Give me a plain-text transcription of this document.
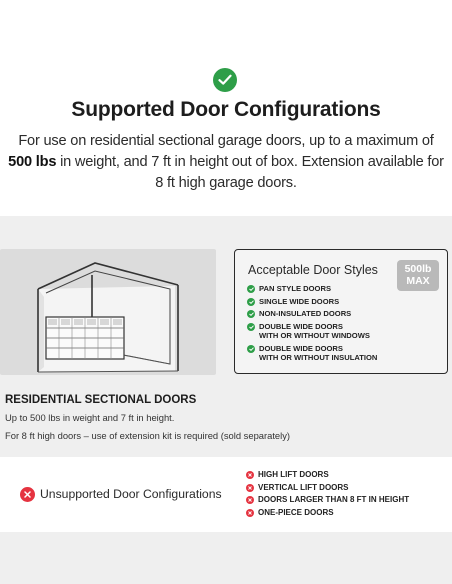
Supported Door Configurations
For use on residential sectional garage doors, up to a maximum of 500 lbs in weight, and 7 ft in height out of box. Extension available for 8 ft high garage doors.
Acceptable Door Styles	500lb
MAX
PAN STYLE DOORS
SINGLE WIDE DOORS
NON-INSULATED DOORS
DOUBLE WIDE DOORS
WITH OR WITHOUT WINDOWS
DOUBLE WIDE DOORS
WITH OR WITHOUT INSULATION
RESIDENTIAL SECTIONAL DOORS
Up to 500 lbs in weight and 7 ft in height.
For 8 ft high doors – use of extension kit is required (sold separately)
Unsupported Door Configurations
HIGH LIFT DOORS
VERTICAL LIFT DOORS
DOORS LARGER THAN 8 FT IN HEIGHT
ONE-PIECE DOORS
